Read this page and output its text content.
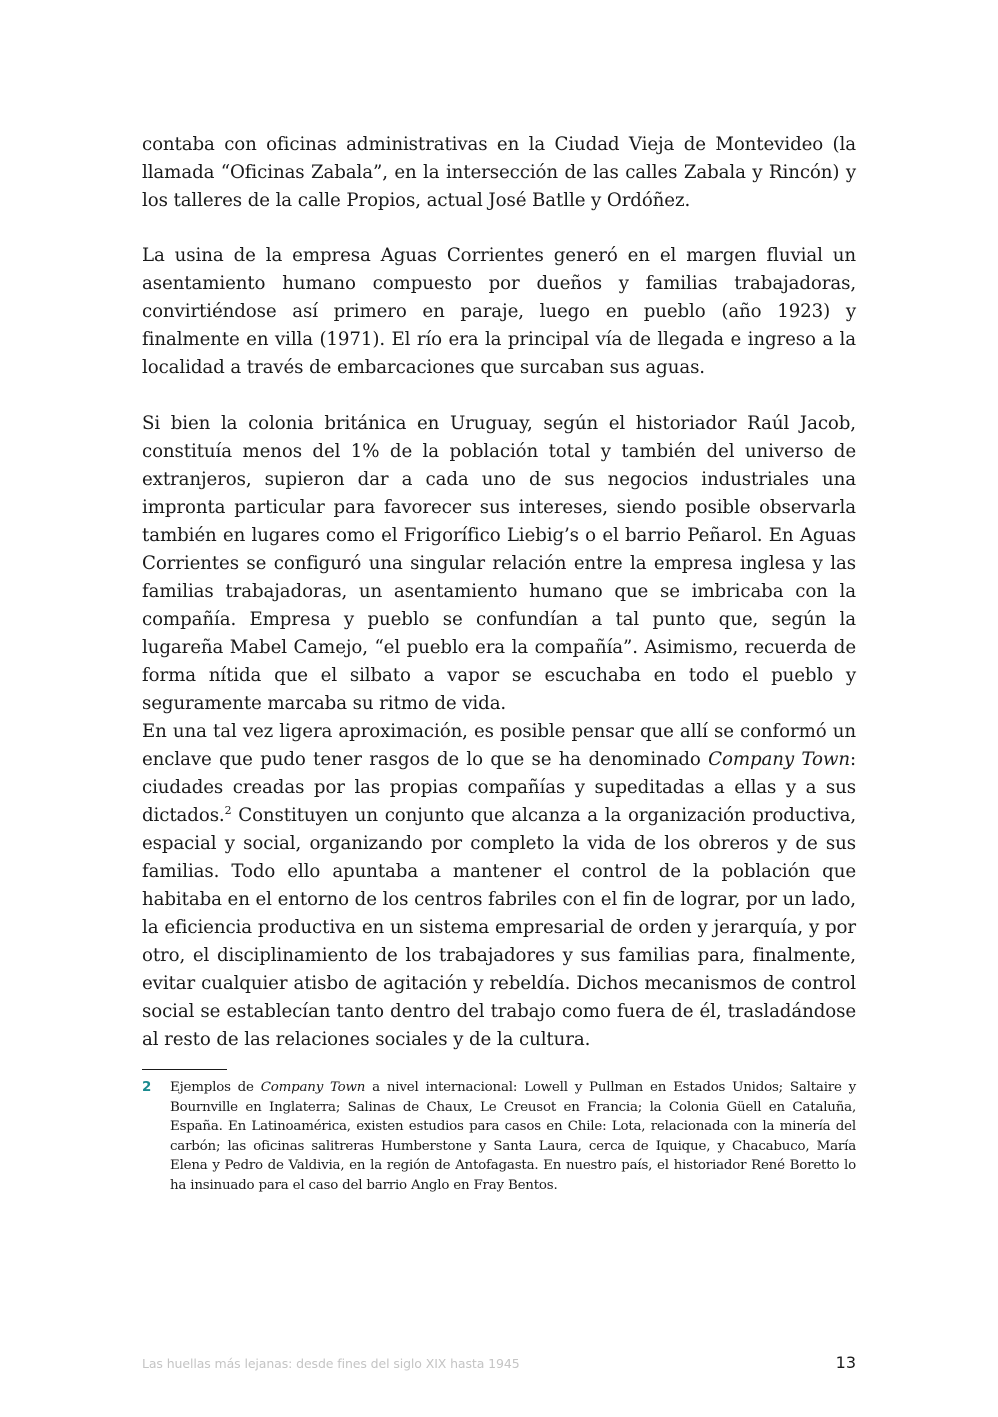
contaba con oficinas administrativas en la Ciudad Vieja de Montevideo (la llamada “Oficinas Zabala”, en la intersección de las calles Zabala y Rincón) y los talleres de la calle Propios, actual José Batlle y Ordóñez.

La usina de la empresa Aguas Corrientes generó en el margen fluvial un asentamiento humano compuesto por dueños y familias trabajadoras, convirtiéndose así primero en paraje, luego en pueblo (año 1923) y finalmente en villa (1971). El río era la principal vía de llegada e ingreso a la localidad a través de embarcaciones que surcaban sus aguas.

Si bien la colonia británica en Uruguay, según el historiador Raúl Jacob, constituía menos del 1% de la población total y también del universo de extranjeros, supieron dar a cada uno de sus negocios industriales una impronta particular para favorecer sus intereses, siendo posible observarla también en lugares como el Frigorífico Liebig’s o el barrio Peñarol. En Aguas Corrientes se configuró una singular relación entre la empresa inglesa y las familias trabajadoras, un asentamiento humano que se imbricaba con la compañía. Empresa y pueblo se confundían a tal punto que, según la lugareña Mabel Camejo, “el pueblo era la compañía”. Asimismo, recuerda de forma nítida que el silbato a vapor se escuchaba en todo el pueblo y seguramente marcaba su ritmo de vida.

En una tal vez ligera aproximación, es posible pensar que allí se conformó un enclave que pudo tener rasgos de lo que se ha denominado Company Town: ciudades creadas por las propias compañías y supeditadas a ellas y a sus dictados.$^2$ Constituyen un conjunto que alcanza a la organización productiva, espacial y social, organizando por completo la vida de los obreros y de sus familias. Todo ello apuntaba a mantener el control de la población que habitaba en el entorno de los centros fabriles con el fin de lograr, por un lado, la eficiencia productiva en un sistema empresarial de orden y jerarquía, y por otro, el disciplinamiento de los trabajadores y sus familias para, finalmente, evitar cualquier atisbo de agitación y rebeldía. Dichos mecanismos de control social se establecían tanto dentro del trabajo como fuera de él, trasladándose al resto de las relaciones sociales y de la cultura.

2 Ejemplos de Company Town a nivel internacional: Lowell y Pullman en Estados Unidos; Saltaire y Bournville en Inglaterra; Salinas de Chaux, Le Creusot en Francia; la Colonia Güell en Cataluña, España. En Latinoamérica, existen estudios para casos en Chile: Lota, relacionada con la minería del carbón; las oficinas salitreras Humberstone y Santa Laura, cerca de Iquique, y Chacabuco, María Elena y Pedro de Valdivia, en la región de Antofagasta. En nuestro país, el historiador René Boretto lo ha insinuado para el caso del barrio Anglo en Fray Bentos.
Las huellas más lejanas: desde fines del siglo XIX hasta 1945	13
